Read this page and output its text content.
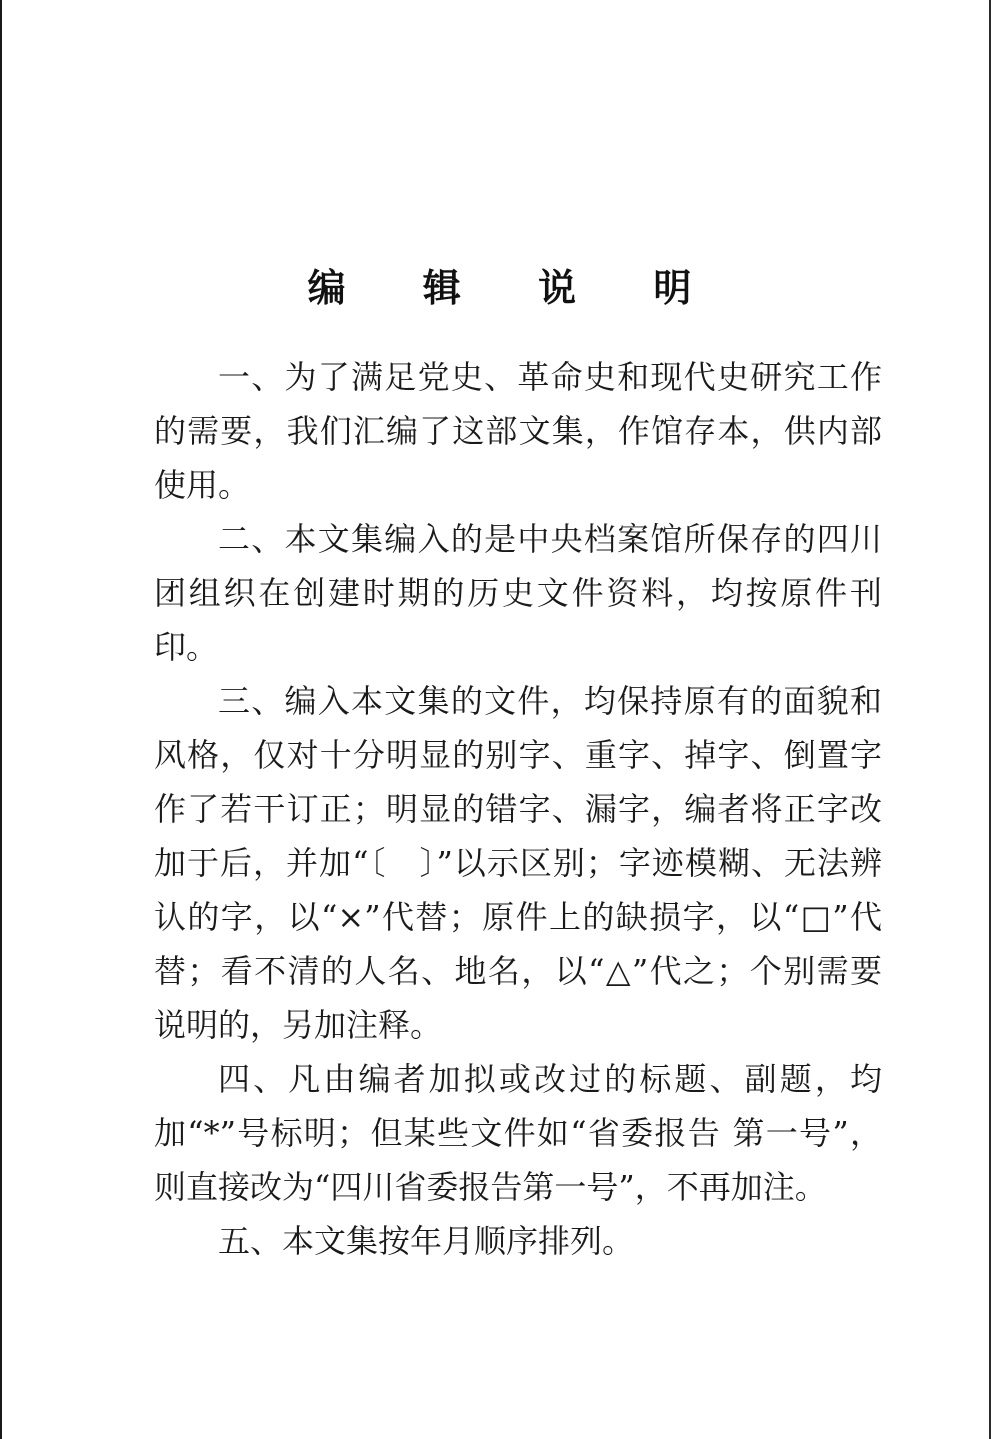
编 辑 说 明

一、为了满足党史、革命史和现代史研究工作的需要，我们汇编了这部文集，作馆存本，供内部使用。

二、本文集编入的是中央档案馆所保存的四川团组织在创建时期的历史文件资料，均按原件刊印。

三、编入本文集的文件，均保持原有的面貌和风格，仅对十分明显的别字、重字、掉字、倒置字作了若干订正；明显的错字、漏字，编者将正字改加于后，并加“〔　〕”以示区别；字迹模糊、无法辨认的字，以“×”代替；原件上的缺损字，以“□”代替；看不清的人名、地名，以“△”代之；个别需要说明的，另加注释。

四、凡由编者加拟或改过的标题、副题，均加“*”号标明；但某些文件如“省委报告 第一号”，则直接改为“四川省委报告第一号”，不再加注。

五、本文集按年月顺序排列。
